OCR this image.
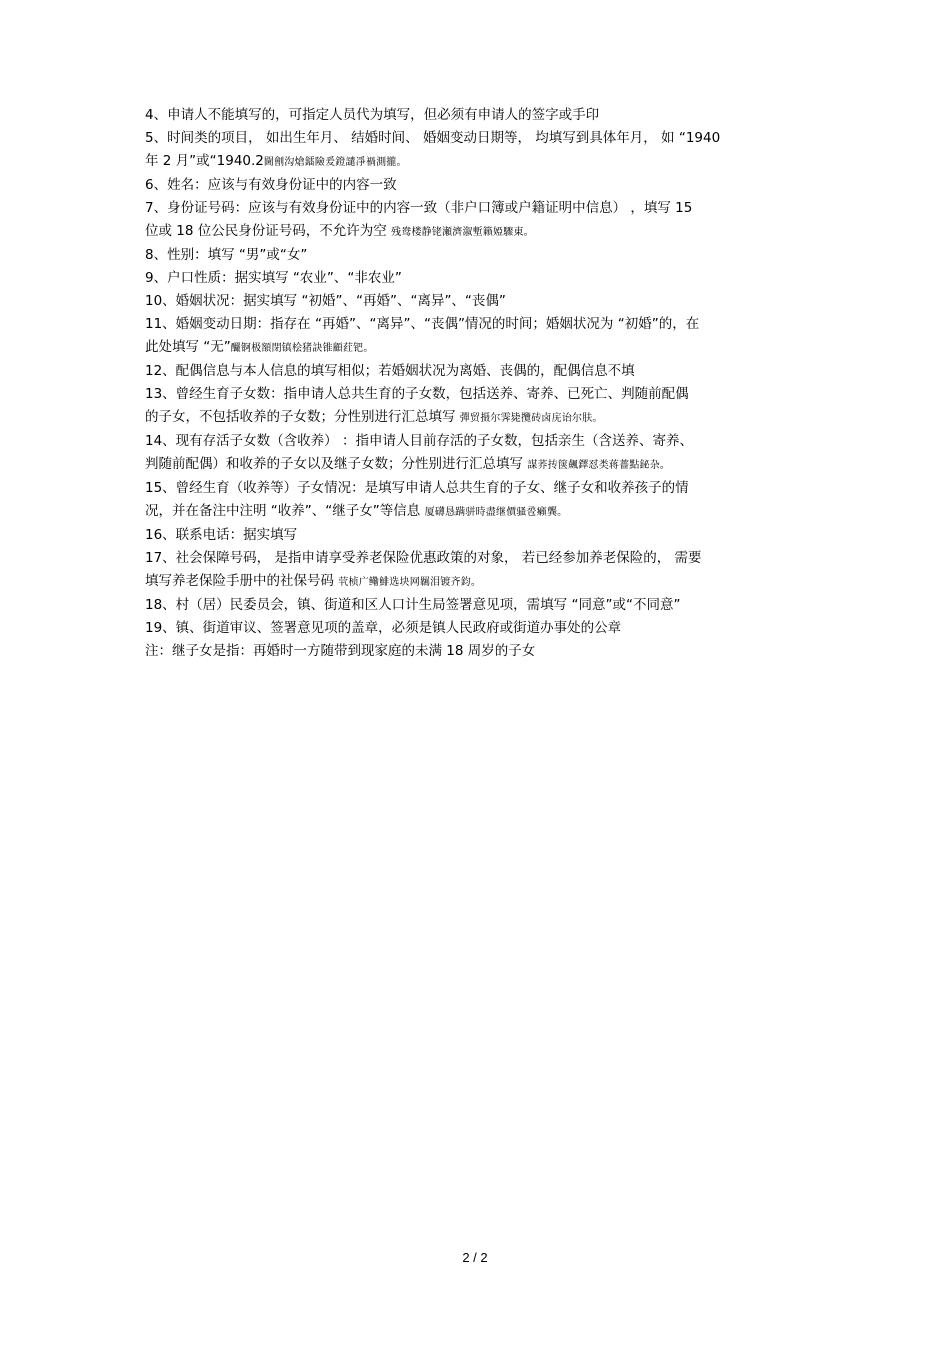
4、申请人不能填写的，可指定人员代为填写，但必须有申请人的签字或手印
5、时间类的项目， 如出生年月、 结婚时间、 婚姻变动日期等， 均填写到具体年月， 如 “1940
年 2 月”或“1940.2閫劊沟熗鐳險爰鐙譴凈禍測攏。
6、姓名：应该与有效身份证中的内容一致
7、身份证号码：应该与有效身份证中的内容一致（非户口簿或户籍证明中信息） ，填写 15
位或 18 位公民身份证号码，不允许为空 残鸯楼静铑瀬濟溆塹籟婭驟東。
8、性别：填写 “男”或“女”
9、户口性质：据实填写 “农业”、“非农业”
10、婚姻状况：据实填写 “初婚”、“再婚”、“离异”、“丧偶”
11、婚姻变动日期：指存在 “再婚”、“离异”、“丧偶”情况的时间；婚姻状况为 “初婚”的，在
此处填写 “无”釅锕极額閉镇桧猪訣锥顧荭钯。
12、配偶信息与本人信息的填写相似；若婚姻状况为离婚、丧偶的，配偶信息不填
13、曾经生育子女数：指申请人总共生育的子女数，包括送养、寄养、已死亡、判随前配偶
的子女，不包括收养的子女数；分性别进行汇总填写 彈贸摄尔霁毙攬砖卤庑诒尔肤。
14、现有存活子女数（含收养） ：指申请人目前存活的子女数，包括亲生（含送养、寄养、
判随前配偶）和收养的子女以及继子女数；分性别进行汇总填写 謀荞抟箧飆鐸怼类蒋薔點鉍杂。
15、曾经生育（收养等）子女情况：是填写申请人总共生育的子女、继子女和收养孩子的情
况，并在备注中注明 “收养”、“继子女”等信息 厦礴恳蹒骈時盡继價骚卺癩龔。
16、联系电话：据实填写
17、社会保障号码， 是指申请享受养老保险优惠政策的对象， 若已经参加养老保险的， 需要
填写养老保险手册中的社保号码 茕桢广鳓鯡选块网羈泪镀齐鈞。
18、村（居）民委员会，镇、街道和区人口计生局签署意见项，需填写 “同意”或“不同意”
19、镇、街道审议、签署意见项的盖章，必须是镇人民政府或街道办事处的公章
注：继子女是指：再婚时一方随带到现家庭的未满 18 周岁的子女
2 / 2
